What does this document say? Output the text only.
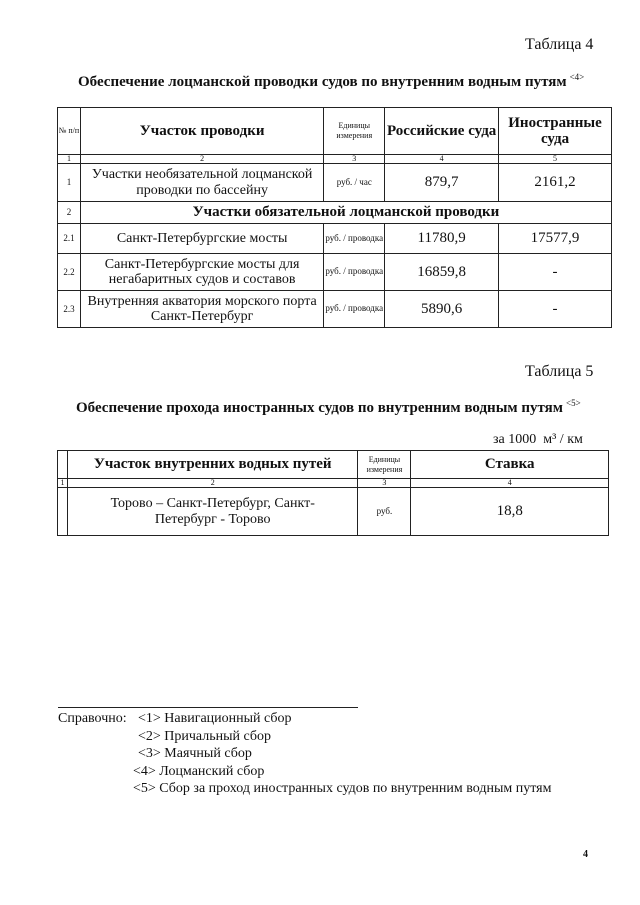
Таблица 4
Обеспечение лоцманской проводки судов по внутренним водным путям $^{<4>}$
№ п/п	Участок проводки	Единицы измерения	Российские суда	Иностранные суда
1	2	3	4	5
1	Участки необязательной лоцманской проводки по бассейну	руб. / час	879,7	2161,2
2	Участки обязательной лоцманской проводки			
2.1	Санкт-Петербургские мосты	руб. / проводка	11780,9	17577,9
2.2	Санкт-Петербургские мосты для негабаритных судов и составов	руб. / проводка	16859,8	-
2.3	Внутренняя акватория морского порта Санкт-Петербург	руб. / проводка	5890,6	-
Таблица 5
Обеспечение прохода иностранных судов по внутренним водным путям $^{<5>}$
за 1000  м³ / км
	Участок внутренних водных путей	Единицы измерения	Ставка
1	2	3	4
	Торово – Санкт-Петербург, Санкт-Петербург - Торово	руб.	18,8
Справочно: <1> Навигационный сбор
<2> Причальный сбор
<3> Маячный сбор
<4> Лоцманский сбор
<5> Сбор за проход иностранных судов по внутренним водным путям
4
